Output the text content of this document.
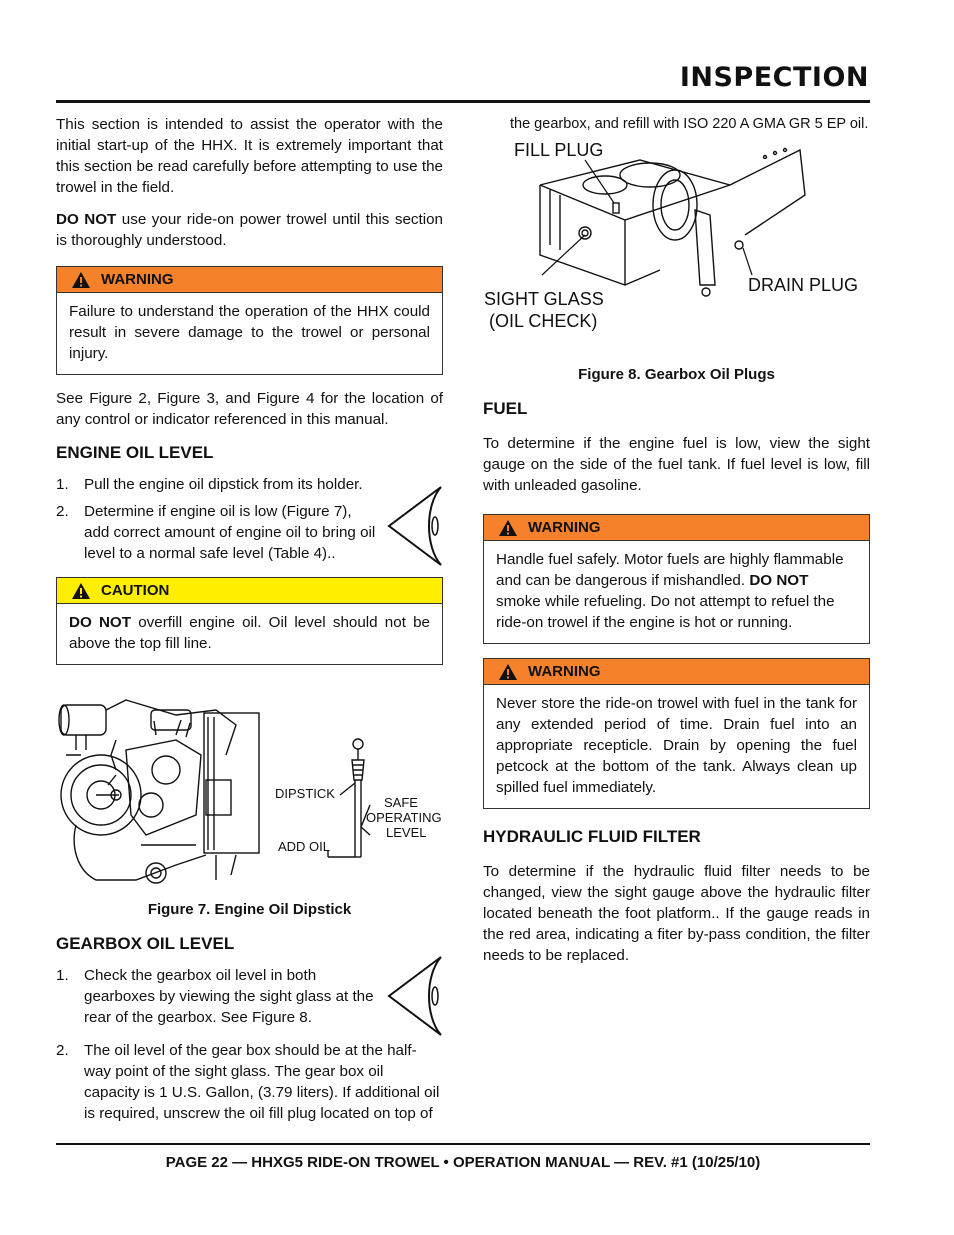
INSPECTION

This section is intended to assist the operator with the initial start-up of the HHX. It is extremely important that this section be read carefully before attempting to use the trowel in the field.

DO NOT use your ride-on power trowel until this section is thoroughly understood.

WARNING

Failure to understand the operation of the HHX could result in severe damage to the trowel or personal injury.

See Figure 2, Figure 3, and Figure 4 for the location of any control or indicator referenced in this manual.

ENGINE OIL LEVEL
1. Pull the engine oil dipstick from its holder.
2. Determine if engine oil is low (Figure 7), add correct amount of engine oil to bring oil level to a normal safe level (Table 4)..
CAUTION

DO NOT overfill engine oil. Oil level should not be above the top fill line.

DIPSTICK
SAFE
OPERATING
LEVEL
ADD OIL
Figure 7. Engine Oil Dipstick
GEARBOX OIL LEVEL
1. Check the gearbox oil level in both gearboxes by viewing the sight glass at the rear of the gearbox. See Figure 8.
2. The oil level of the gear box should be at the half-way point of the sight glass. The gear box oil capacity is 1 U.S. Gallon, (3.79 liters). If additional oil is required, unscrew the oil fill plug located on top of

the gearbox, and refill with ISO 220 A GMA GR 5 EP oil.

FILL PLUG
DRAIN PLUG
SIGHT GLASS
(OIL CHECK)
Figure 8. Gearbox Oil Plugs
FUEL

To determine if the engine fuel is low, view the sight gauge on the side of the fuel tank. If fuel level is low, fill with unleaded gasoline.

WARNING

Handle fuel safely. Motor fuels are highly flammable and can be dangerous if mishandled. DO NOT smoke while refueling. Do not attempt to refuel the ride-on trowel if the engine is hot or running.

WARNING

Never store the ride-on trowel with fuel in the tank for any extended period of time. Drain fuel into an appropriate recepticle. Drain by opening the fuel petcock at the bottom of the tank. Always clean up spilled fuel immediately.

HYDRAULIC FLUID FILTER

To determine if the hydraulic fluid filter needs to be changed, view the sight gauge above the hydraulic filter located beneath the foot platform.. If the gauge reads in the red area, indicating a fiter by-pass condition, the filter needs to be replaced.

PAGE 22 — HHXG5 RIDE-ON TROWEL • OPERATION MANUAL — REV. #1 (10/25/10)
